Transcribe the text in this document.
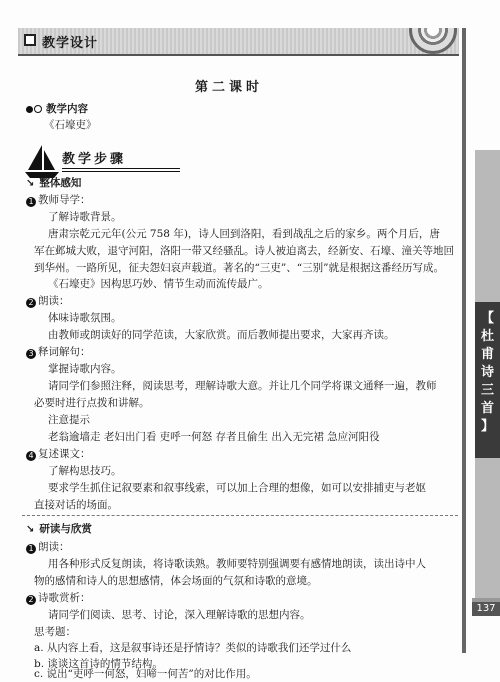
教学设计
【
杜
甫
诗
三
首
】
137
第二课时
教学内容
《石壕吏》
教学步骤
↘ 整体感知
1 教师导学：
了解诗歌背景。
唐肃宗乾元元年(公元 758 年)，诗人回到洛阳，看到战乱之后的家乡。两个月后，唐
军在邺城大败，退守河阳，洛阳一带又经骚乱。诗人被迫离去，经新安、石壕、潼关等地回
到华州。一路所见，征夫怨妇哀声载道。著名的“三吏”、“三别”就是根据这番经历写成。
《石壕吏》因构思巧妙、情节生动而流传最广。
2 朗读：
体味诗歌氛围。
由教师或朗读好的同学范读，大家欣赏。而后教师提出要求，大家再齐读。
3 释词解句：
掌握诗歌内容。
请同学们参照注释，阅读思考，理解诗歌大意。并让几个同学将课文通释一遍，教师
必要时进行点拨和讲解。
注意提示
老翁逾墙走 老妇出门看 吏呼一何怒 存者且偷生 出入无完裙 急应河阳役
4 复述课文：
了解构思技巧。
要求学生抓住记叙要素和叙事线索，可以加上合理的想像，如可以安排捕吏与老妪
直接对话的场面。
↘ 研读与欣赏
1 朗读：
用各种形式反复朗读，将诗歌读熟。教师要特别强调要有感情地朗读，读出诗中人
物的感情和诗人的思想感情，体会场面的气氛和诗歌的意境。
2 诗歌赏析：
请同学们阅读、思考、讨论，深入理解诗歌的思想内容。
思考题：
a. 从内容上看，这是叙事诗还是抒情诗？类似的诗歌我们还学过什么
b. 谈谈这首诗的情节结构。
c. 说出“吏呼一何怒，妇啼一何苦”的对比作用。
